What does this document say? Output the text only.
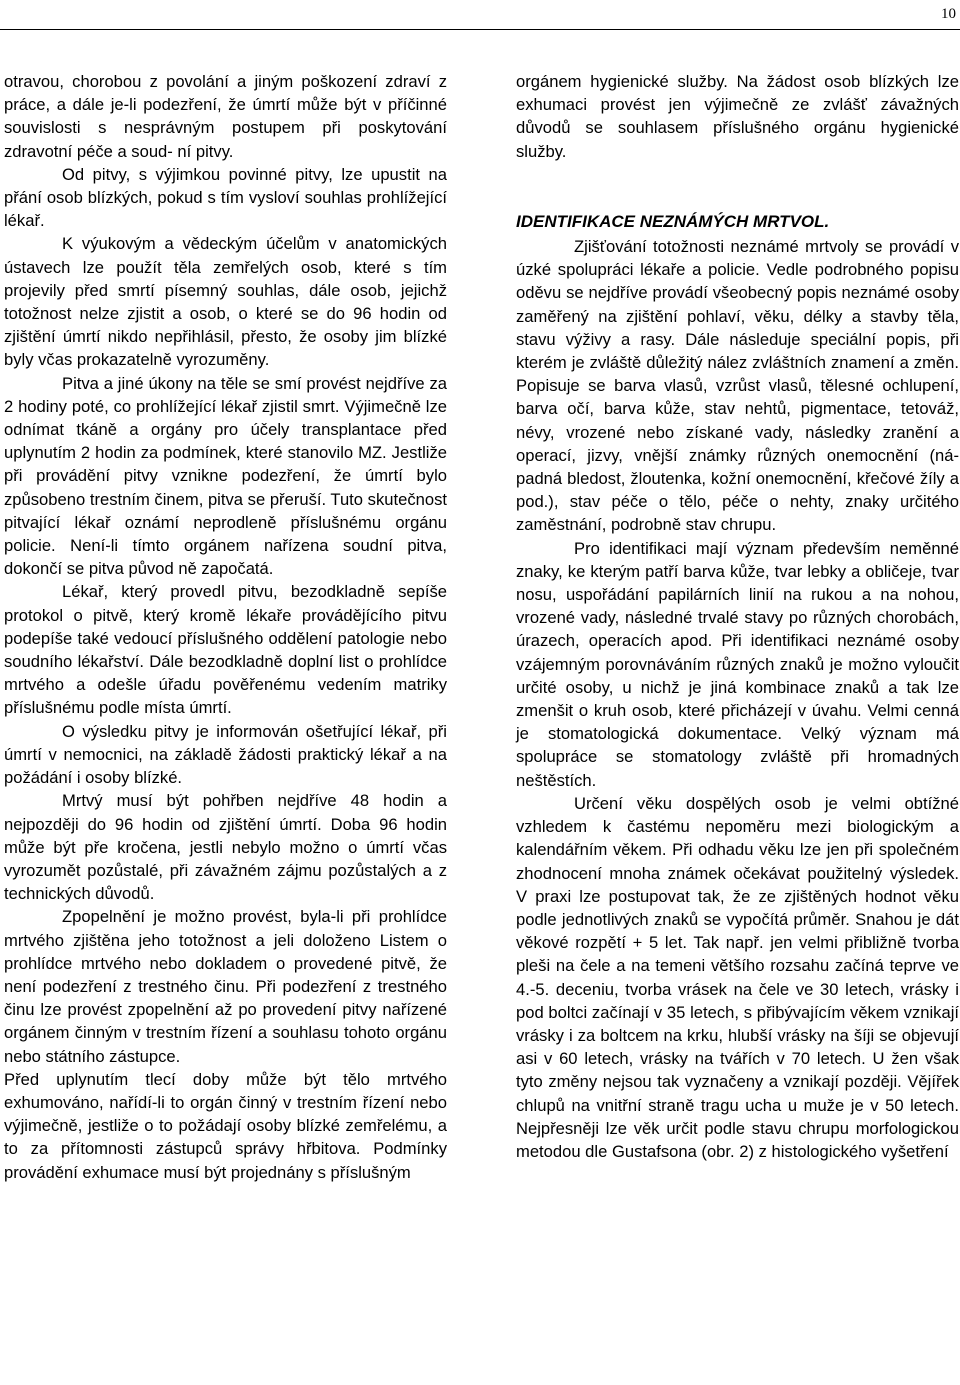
10

otravou, chorobou z povolání a jiným poškození zdraví z práce, a dále je-li podezření, že úmrtí může být v příčinné souvislosti s nesprávným postupem při poskytování zdravotní péče a soud- ní pitvy.

Od pitvy, s výjimkou povinné pitvy, lze upustit na přání osob blízkých, pokud s tím vysloví souhlas prohlížející lékař.

K výukovým a vědeckým účelům v anatomických ústavech lze použít těla zemřelých osob, které s tím projevily před smrtí písemný souhlas, dále osob, jejichž totožnost nelze zjistit a osob, o které se do 96 hodin od zjištění úmrtí nikdo nepřihlásil, přesto, že osoby jim blízké byly včas prokazatelně vyrozuměny.

Pitva a jiné úkony na těle se smí provést nejdříve za 2 hodiny poté, co prohlížející lékař zjistil smrt. Výjimečně lze odnímat tkáně a orgány pro účely transplantace před uplynutím 2 hodin za podmínek, které stanovilo MZ. Jestliže při provádění pitvy vznikne podezření, že úmrtí bylo způsobeno trestním činem, pitva se přeruší. Tuto skutečnost pitvající lékař oznámí neprodleně příslušnému orgánu policie. Není-li tímto orgánem nařízena soudní pitva, dokončí se pitva původ ně započatá.

Lékař, který provedl pitvu, bezodkladně sepíše protokol o pitvě, který kromě lékaře provádějícího pitvu podepíše také vedoucí příslušného oddělení patologie nebo soudního lékařství. Dále bezodkladně doplní list o prohlídce mrtvého a odešle úřadu pověřenému vedením matriky příslušnému podle místa úmrtí.

O výsledku pitvy je informován ošetřující lékař, při úmrtí v nemocnici, na základě žádosti praktický lékař a na požádání i osoby blízké.

Mrtvý musí být pohřben nejdříve 48 hodin a nejpozději do 96 hodin od zjištění úmrtí. Doba 96 hodin může být pře kročena, jestli nebylo možno o úmrtí včas vyrozumět pozůstalé, při závažném zájmu pozůstalých a z technických důvodů.

Zpopelnění je možno provést, byla-li při prohlídce mrtvého zjištěna jeho totožnost a jeli doloženo Listem o prohlídce mrtvého nebo dokladem o provedené pitvě, že není podezření z trestného činu. Při podezření z trestného činu lze provést zpopelnění až po provedení pitvy nařízené orgánem činným v trestním řízení a souhlasu tohoto orgánu nebo státního zástupce.

Před uplynutím tlecí doby může být tělo mrtvého exhumováno, nařídí-li to orgán činný v trestním řízení nebo výjimečně, jestliže o to požádají osoby blízké zemřelému, a to za přítomnosti zástupců správy hřbitova. Podmínky provádění exhumace musí být projednány s příslušným

orgánem hygienické služby. Na žádost osob blízkých lze exhumaci provést jen výjimečně ze zvlášť závažných důvodů se souhlasem příslušného orgánu hygienické služby.

IDENTIFIKACE NEZNÁMÝCH MRTVOL.

Zjišťování totožnosti neznámé mrtvoly se provádí v úzké spolupráci lékaře a policie. Vedle podrobného popisu oděvu se nejdříve provádí všeobecný popis neznámé osoby zaměřený na zjištění pohlaví, věku, délky a stavby těla, stavu výživy a rasy. Dále následuje speciální popis, při kterém je zvláště důležitý nález zvláštních znamení a změn. Popisuje se barva vlasů, vzrůst vlasů, tělesné ochlupení, barva očí, barva kůže, stav nehtů, pigmentace, tetováž, névy, vrozené nebo získané vady, následky zranění a operací, jizvy, vnější známky různých onemocnění (nápadná bledost, žloutenka, kožní onemocnění, křečové žíly a pod.), stav péče o tělo, péče o nehty, znaky určitého zaměstnání, podrobně stav chrupu.

Pro identifikaci mají význam především neměnné znaky, ke kterým patří barva kůže, tvar lebky a obličeje, tvar nosu, uspořádání papilárních linií na rukou a na nohou, vrozené vady, následné trvalé stavy po různých chorobách, úrazech, operacích apod. Při identifikaci neznámé osoby vzájemným porovnáváním různých znaků je možno vyloučit určité osoby, u nichž je jiná kombinace znaků a tak lze zmenšit o kruh osob, které přicházejí v úvahu. Velmi cenná je stomatologická dokumentace. Velký význam má spolupráce se stomatology zvláště při hromadných neštěstích.

Určení věku dospělých osob je velmi obtížné vzhledem k častému nepoměru mezi biologickým a kalendářním věkem. Při odhadu věku lze jen při společném zhodnocení mnoha známek očekávat použitelný výsledek. V praxi lze postupovat tak, že ze zjištěných hodnot věku podle jednotlivých znaků se vypočítá průměr. Snahou je dát věkové rozpětí + 5 let. Tak např. jen velmi přibližně tvorba pleši na čele a na temeni většího rozsahu začíná teprve ve 4.-5. deceniu, tvorba vrásek na čele ve 30 letech, vrásky i pod boltci začínají v 35 letech, s přibývajícím věkem vznikají vrásky i za boltcem na krku, hlubší vrásky na šíji se objevují asi v 60 letech, vrásky na tvářích v 70 letech. U žen však tyto změny nejsou tak vyznačeny a vznikají později. Vějířek chlupů na vnitřní straně tragu ucha u muže je v 50 letech. Nejpřesněji lze věk určit podle stavu chrupu morfologickou metodou dle Gustafsona (obr. 2) z histologického vyšetření
